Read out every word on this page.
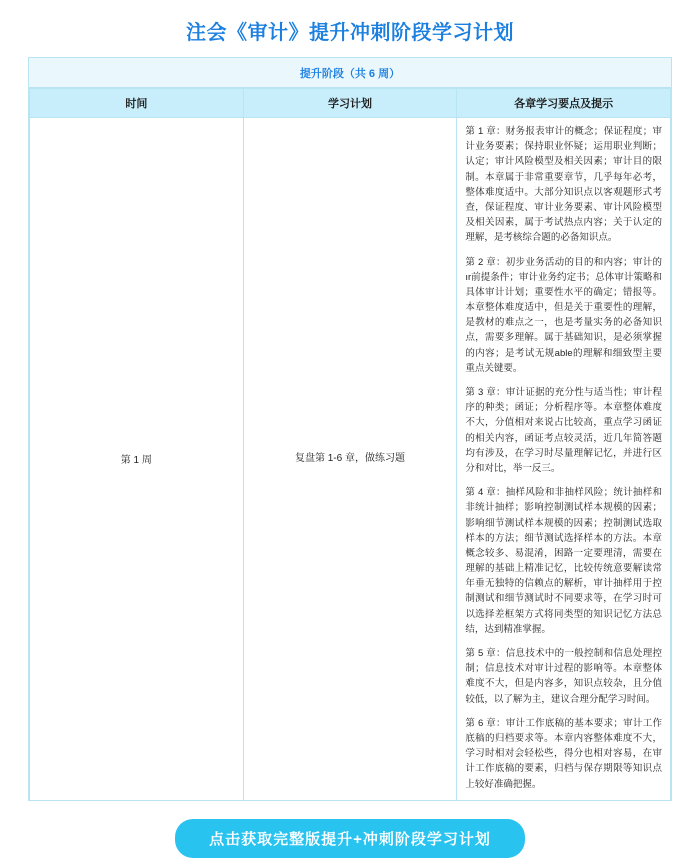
注会《审计》提升冲刺阶段学习计划
提升阶段（共 6 周）
时间	学习计划	各章学习要点及提示
第 1 周	复盘第 1-6 章，做练习题	

第 1 章：财务报表审计的概念；保证程度；审计业务要素；保持职业怀疑；运用职业判断；认定；审计风险模型及相关因素；审计目的限制。本章属于非常重要章节，几乎每年必考，整体难度适中。大部分知识点以客观题形式考查，保证程度、审计业务要素、审计风险模型及相关因素，属于考试热点内容；关于认定的理解，是考核综合题的必备知识点。

第 2 章：初步业务活动的目的和内容；审计的ır前提条件；审计业务约定书；总体审计策略和具体审计计划；重要性水平的确定；错报等。本章整体难度适中，但是关于重要性的理解，是教材的难点之一，也是考量实务的必备知识点，需要多理解。属于基础知识，是必须掌握的内容；是考试无规able的理解和细致型主要重点关键要。

第 3 章：审计证据的充分性与适当性；审计程序的种类；函证；分析程序等。本章整体难度不大，分值相对来说占比较高，重点学习函证的相关内容，函证考点较灵活，近几年简答题均有涉及，在学习时尽量理解记忆，并进行区分和对比，举一反三。

第 4 章：抽样风险和非抽样风险；统计抽样和非统计抽样；影响控制测试样本规模的因素；影响细节测试样本规模的因素；控制测试选取样本的方法；细节测试选择样本的方法。本章概念较多、易混淆，困路一定要理清，需要在理解的基础上精准记忆，比较传统意要解读常年垂无独特的信赖点的解析，审计抽样用于控制测试和细节测试时不同要求等，在学习时可以选择差框架方式将同类型的知识记忆方法总结，达到精准掌握。

第 5 章：信息技术中的一般控制和信息处理控制；信息技术对审计过程的影响等。本章整体难度不大，但是内容多，知识点较杂，且分值较低，以了解为主，建议合理分配学习时间。

第 6 章：审计工作底稿的基本要求；审计工作底稿的归档要求等。本章内容整体难度不大，学习时相对会轻松些，得分也相对容易，在审计工作底稿的要素，归档与保存期限等知识点上较好准确把握。

点击获取完整版提升+冲刺阶段学习计划
